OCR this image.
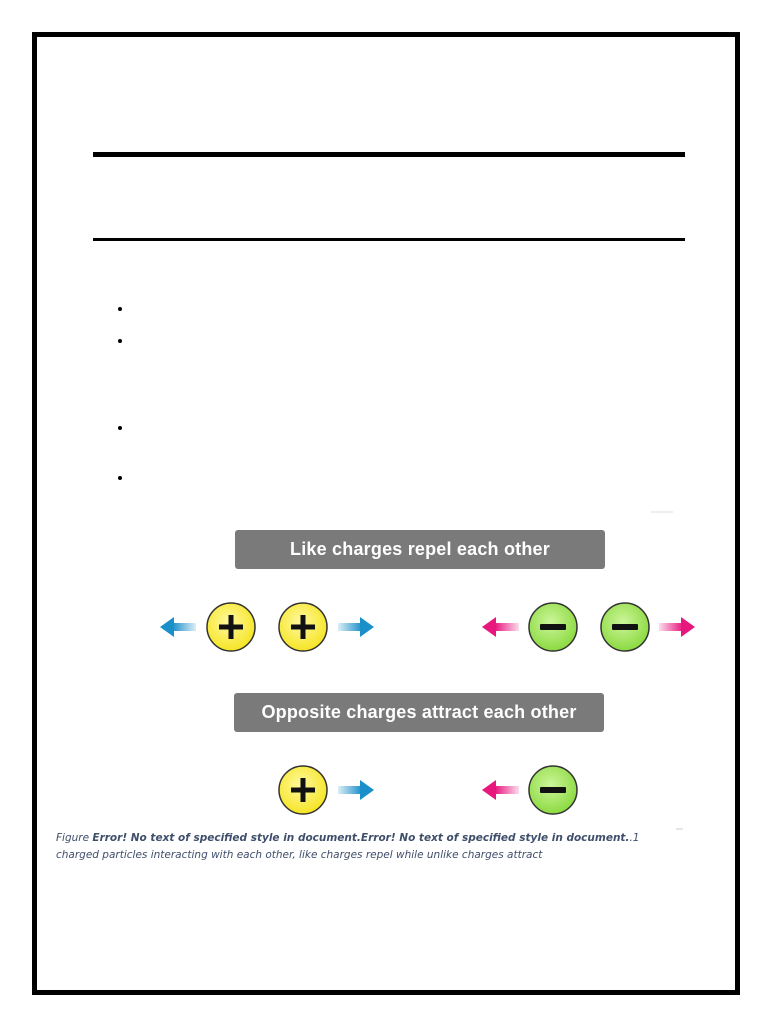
Like charges repel each other
Opposite charges attract each other
Figure Error! No text of specified style in document.Error! No text of specified style in document..1 charged particles interacting with each other, like charges repel while unlike charges attract
